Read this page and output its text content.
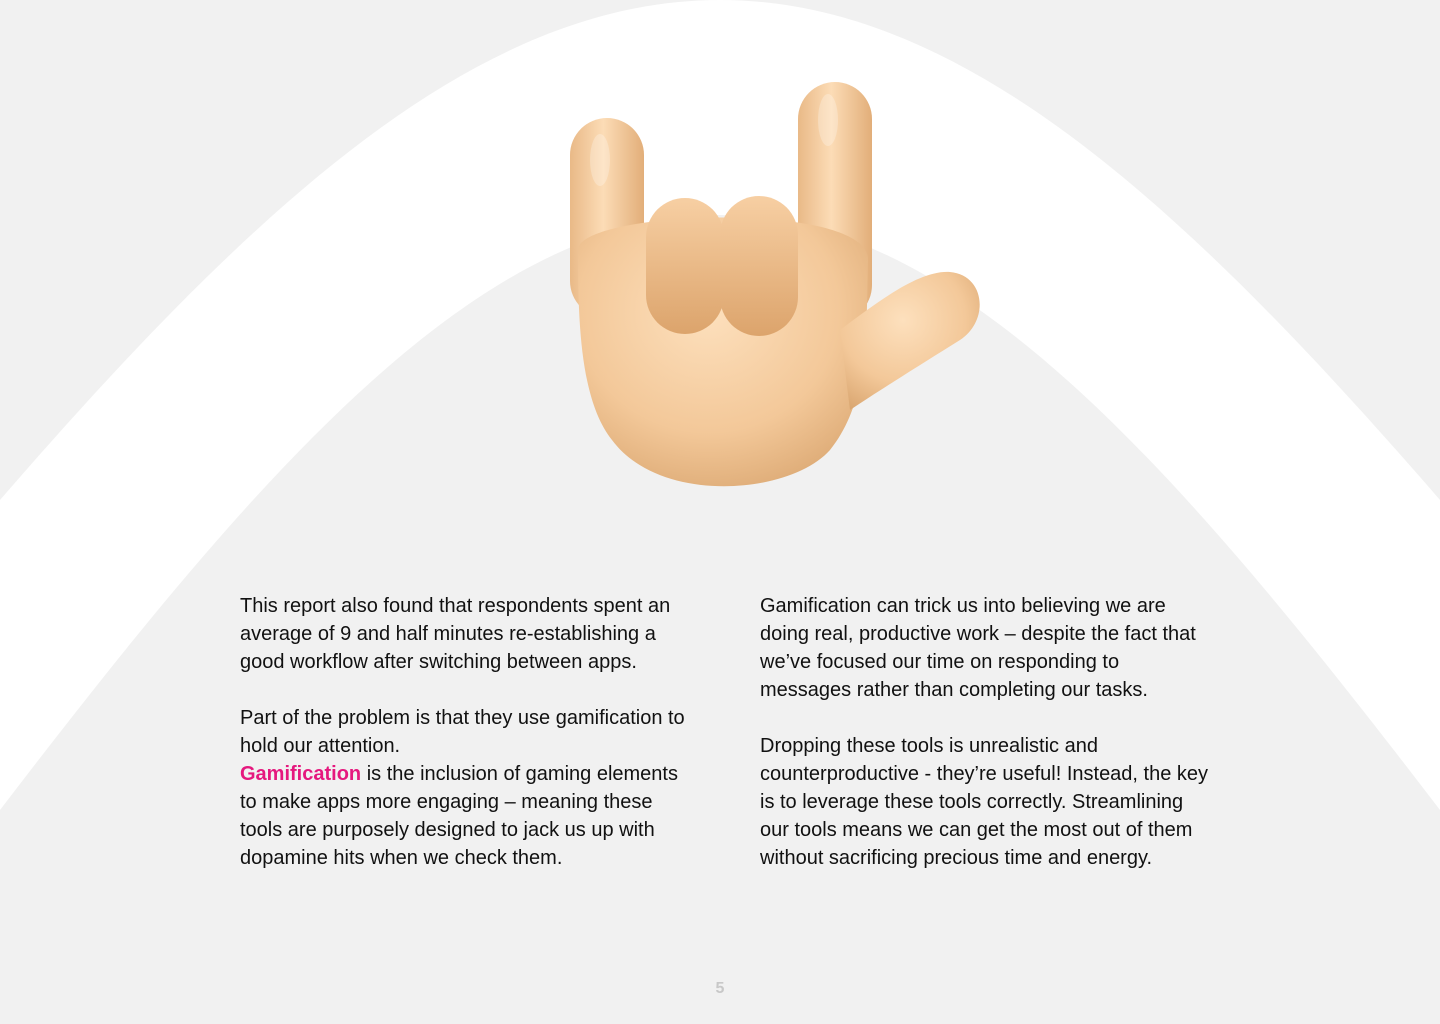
This report also found that respondents spent an average of 9 and half minutes re-establishing a good workflow after switching between apps.

Part of the problem is that they use gamification to hold our attention.
Gamification is the inclusion of gaming elements to make apps more engaging – meaning these tools are purposely designed to jack us up with dopamine hits when we check them.

Gamification can trick us into believing we are doing real, productive work – despite the fact that we’ve focused our time on responding to messages rather than completing our tasks.

Dropping these tools is unrealistic and counterproductive - they’re useful! Instead, the key is to leverage these tools correctly. Streamlining our tools means we can get the most out of them without sacrificing precious time and energy.

5
